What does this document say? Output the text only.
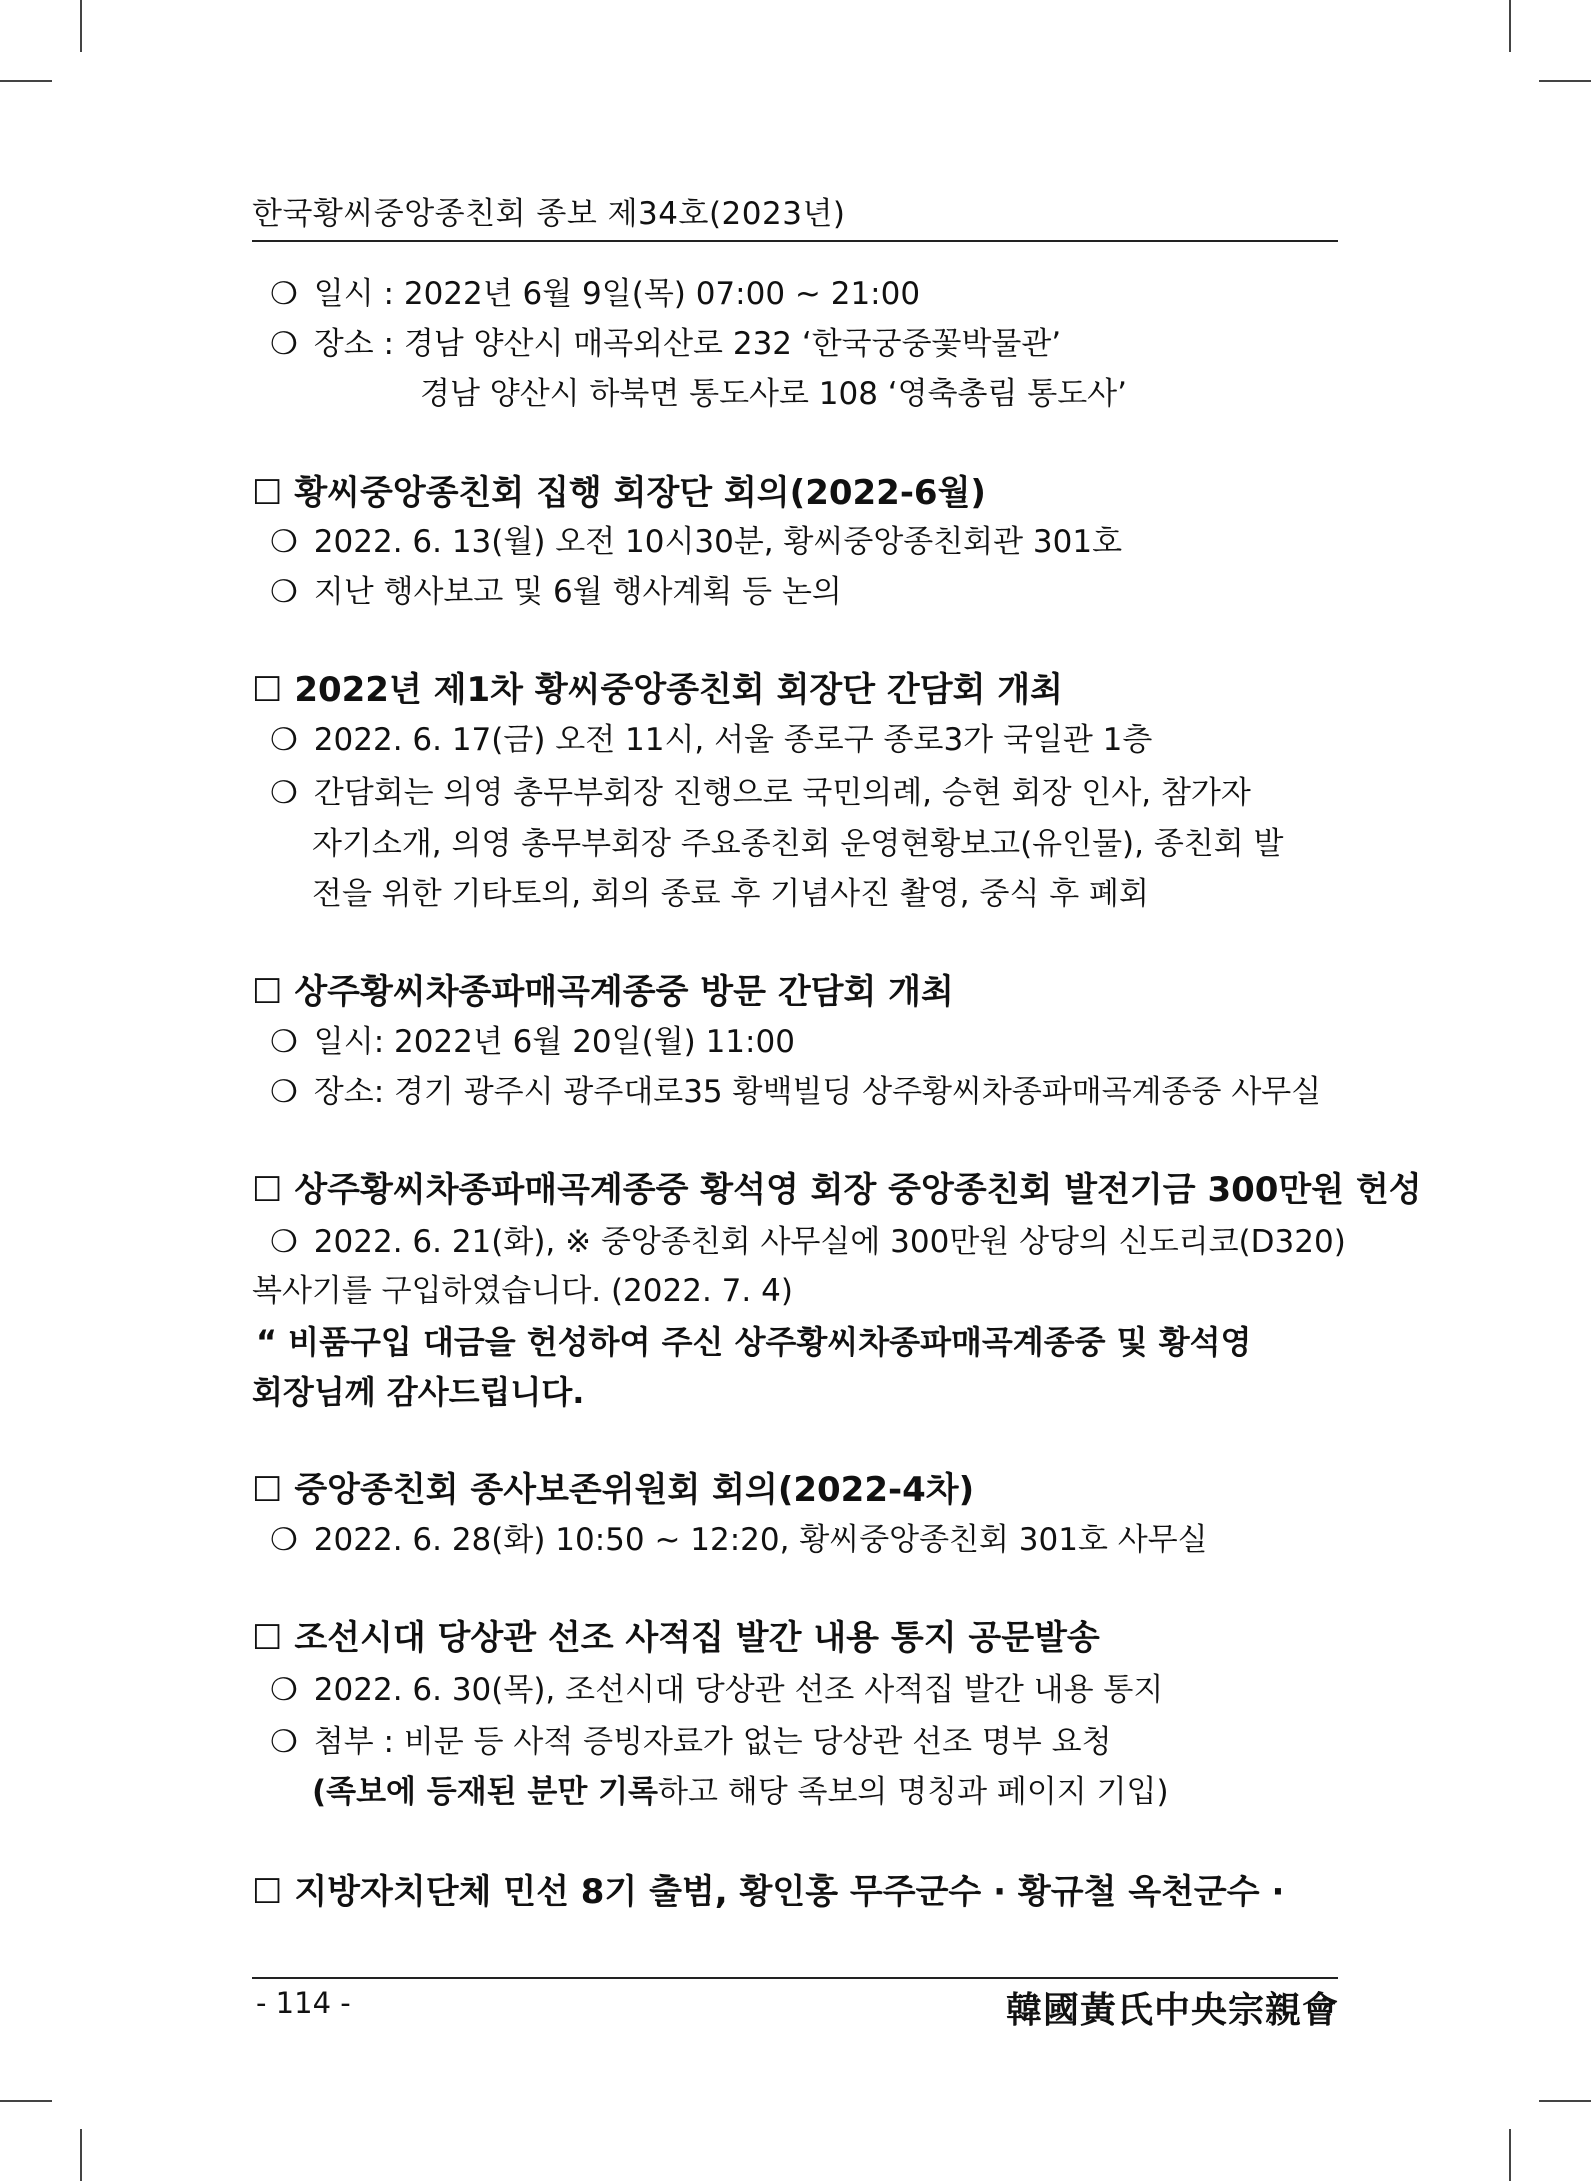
한국황씨중앙종친회 종보 제34호(2023년)
❍ 일시 : 2022년 6월 9일(목) 07:00 ~ 21:00
❍ 장소 : 경남 양산시 매곡외산로 232 ‘한국궁중꽃박물관’
경남 양산시 하북면 통도사로 108 ‘영축총림 통도사’
☐ 황씨중앙종친회 집행 회장단 회의(2022-6월)
❍ 2022. 6. 13(월) 오전 10시30분, 황씨중앙종친회관 301호
❍ 지난 행사보고 및 6월 행사계획 등 논의
☐ 2022년 제1차 황씨중앙종친회 회장단 간담회 개최
❍ 2022. 6. 17(금) 오전 11시, 서울 종로구 종로3가 국일관 1층
❍ 간담회는 의영 총무부회장 진행으로 국민의례, 승현 회장 인사, 참가자
자기소개, 의영 총무부회장 주요종친회 운영현황보고(유인물), 종친회 발
전을 위한 기타토의, 회의 종료 후 기념사진 촬영, 중식 후 폐회
☐ 상주황씨차종파매곡계종중 방문 간담회 개최
❍ 일시: 2022년 6월 20일(월) 11:00
❍ 장소: 경기 광주시 광주대로35 황백빌딩 상주황씨차종파매곡계종중 사무실
☐ 상주황씨차종파매곡계종중 황석영 회장 중앙종친회 발전기금 300만원 헌성
❍ 2022. 6. 21(화), ※ 중앙종친회 사무실에 300만원 상당의 신도리코(D320)
복사기를 구입하였습니다. (2022. 7. 4)
“ 비품구입 대금을 헌성하여 주신 상주황씨차종파매곡계종중 및 황석영
회장님께 감사드립니다.
☐ 중앙종친회 종사보존위원회 회의(2022-4차)
❍ 2022. 6. 28(화) 10:50 ~ 12:20, 황씨중앙종친회 301호 사무실
☐ 조선시대 당상관 선조 사적집 발간 내용 통지 공문발송
❍ 2022. 6. 30(목), 조선시대 당상관 선조 사적집 발간 내용 통지
❍ 첨부 : 비문 등 사적 증빙자료가 없는 당상관 선조 명부 요청
(족보에 등재된 분만 기록하고 해당 족보의 명칭과 페이지 기입)
☐ 지방자치단체 민선 8기 출범, 황인홍 무주군수 · 황규철 옥천군수 ·
- 114 -	韓國黃氏中央宗親會
